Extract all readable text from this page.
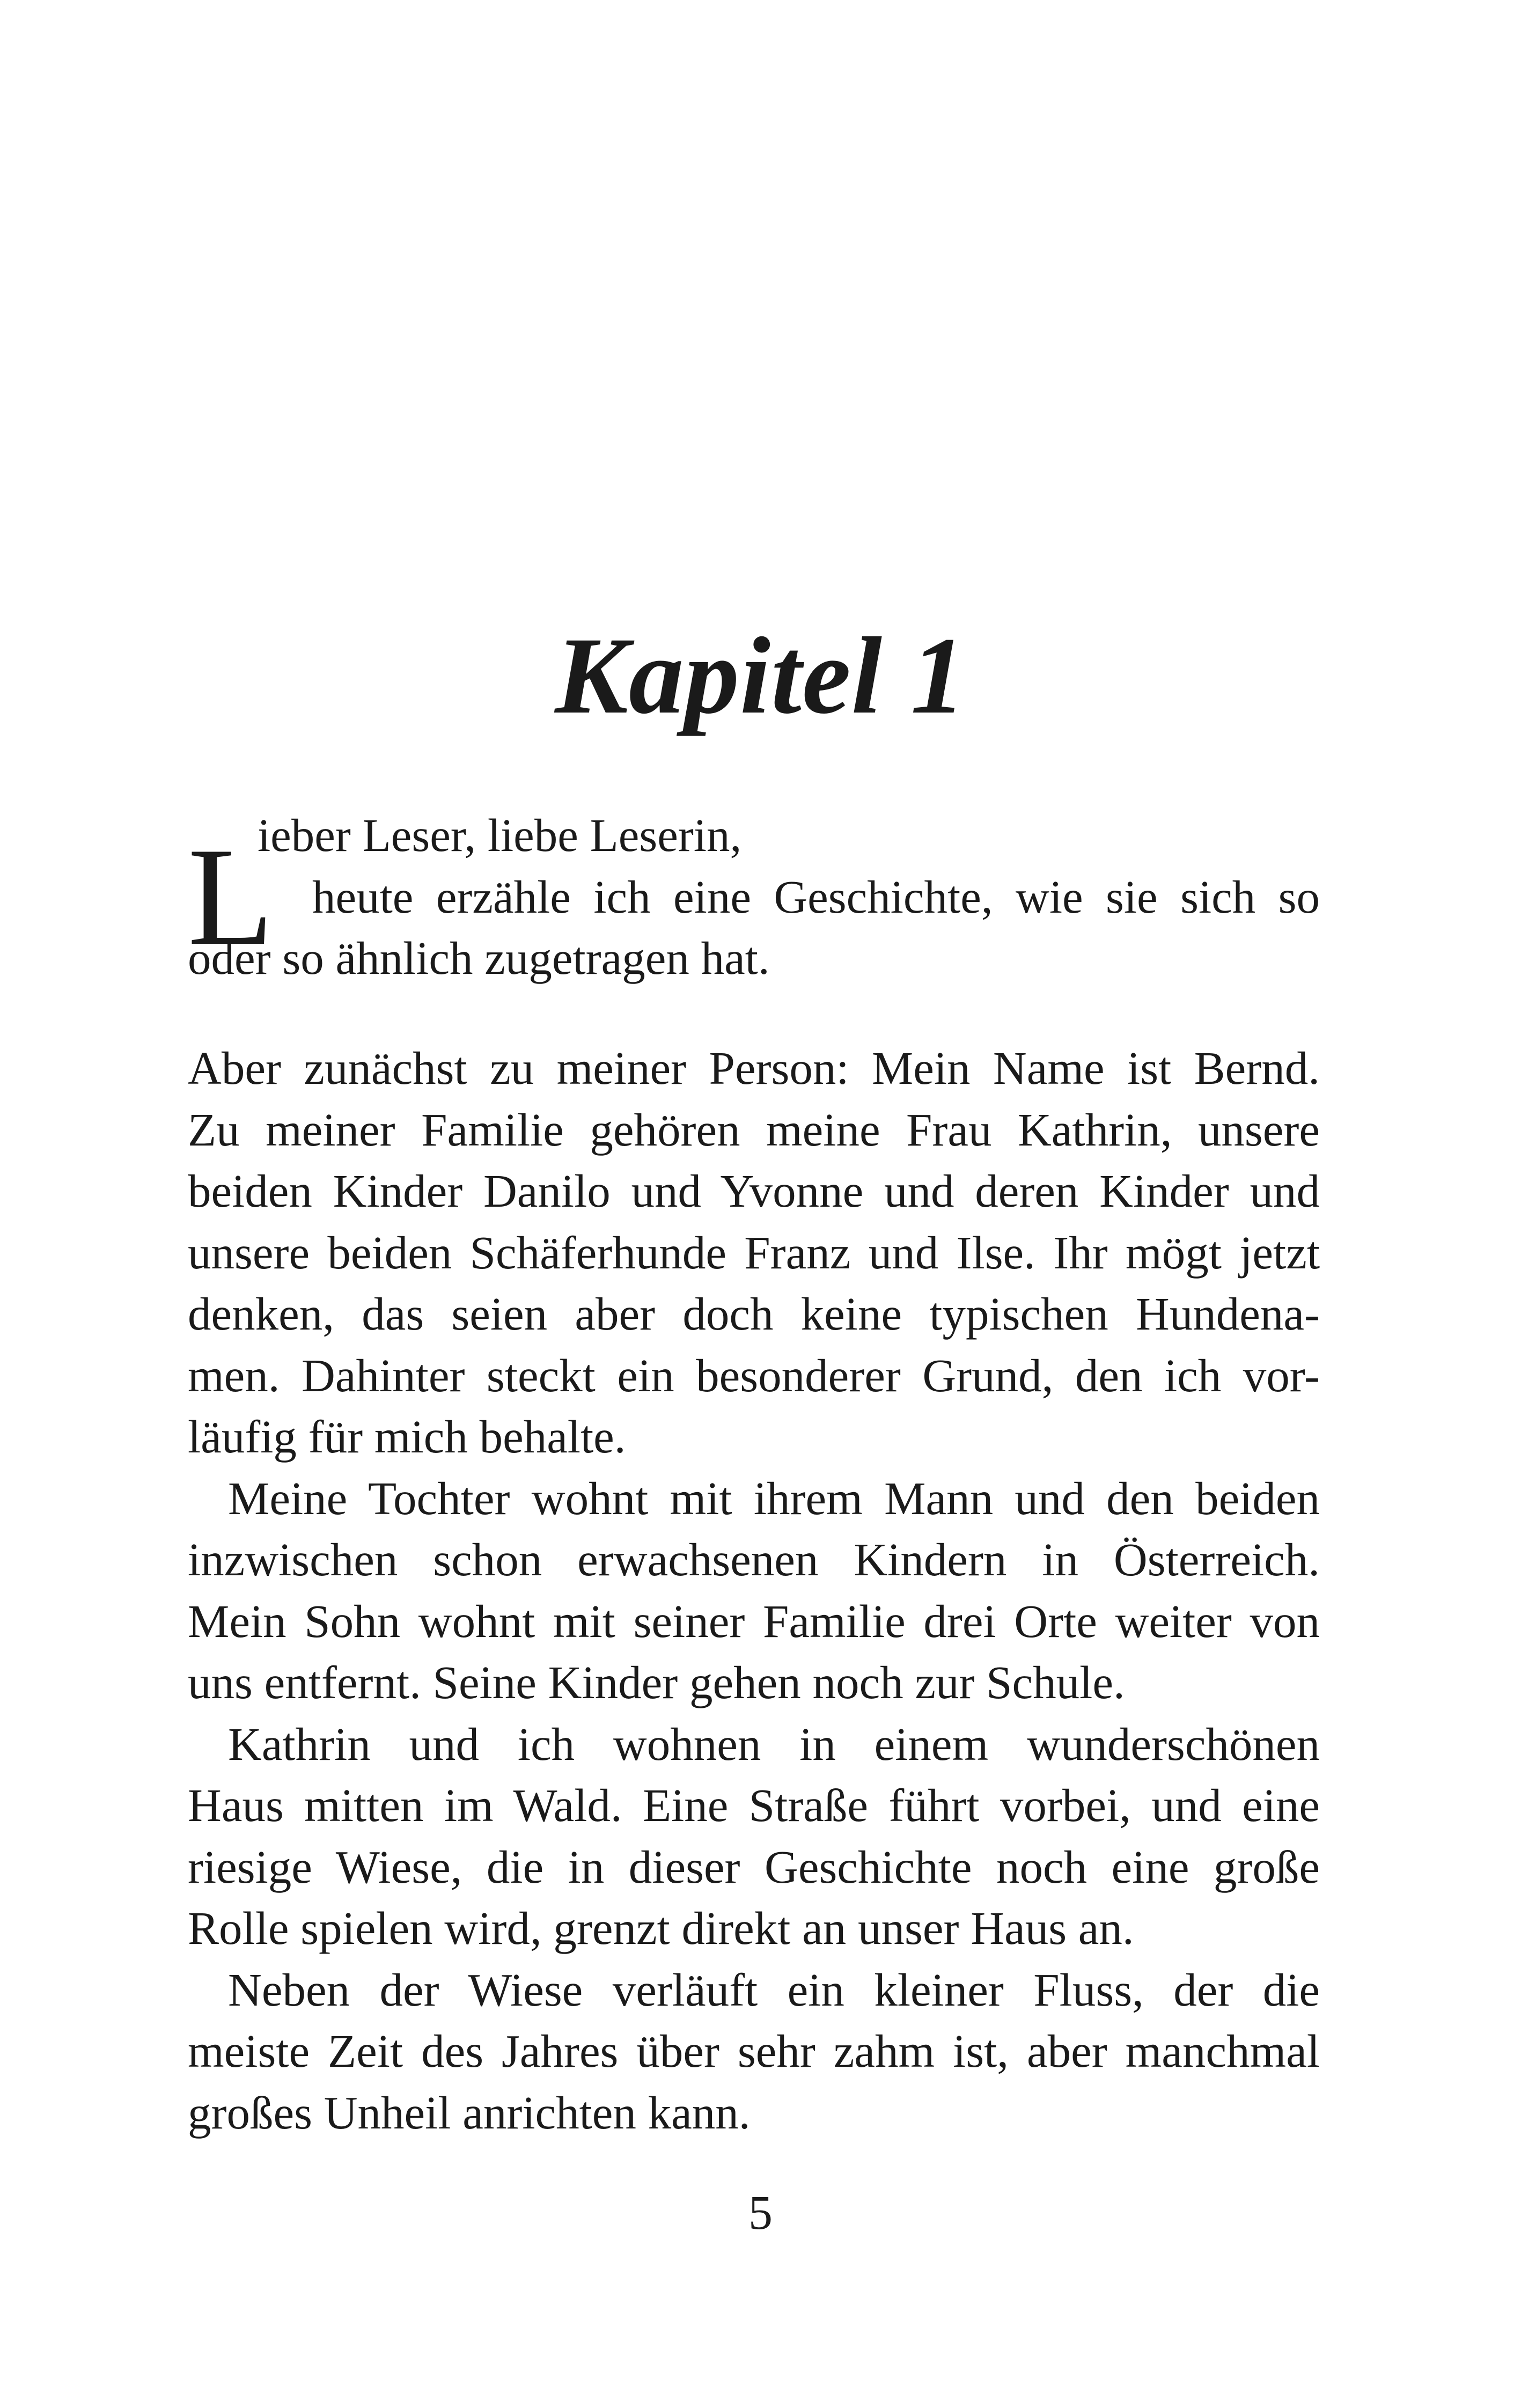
Kapitel 1
L
ieber Leser, liebe Leserin,
heute erzähle ich eine Geschichte, wie sie sich so
oder so ähnlich zugetragen hat.
Aber zunächst zu meiner Person: Mein Name ist Bernd.
Zu meiner Familie gehören meine Frau Kathrin, unsere
beiden Kinder Danilo und Yvonne und deren Kinder und
unsere beiden Schäferhunde Franz und Ilse. Ihr mögt jetzt
denken, das seien aber doch keine typischen Hundena-
men. Dahinter steckt ein besonderer Grund, den ich vor-
läufig für mich behalte.
Meine Tochter wohnt mit ihrem Mann und den beiden
inzwischen schon erwachsenen Kindern in Österreich.
Mein Sohn wohnt mit seiner Familie drei Orte weiter von
uns entfernt. Seine Kinder gehen noch zur Schule.
Kathrin und ich wohnen in einem wunderschönen
Haus mitten im Wald. Eine Straße führt vorbei, und eine
riesige Wiese, die in dieser Geschichte noch eine große
Rolle spielen wird, grenzt direkt an unser Haus an.
Neben der Wiese verläuft ein kleiner Fluss, der die
meiste Zeit des Jahres über sehr zahm ist, aber manchmal
großes Unheil anrichten kann.
5
